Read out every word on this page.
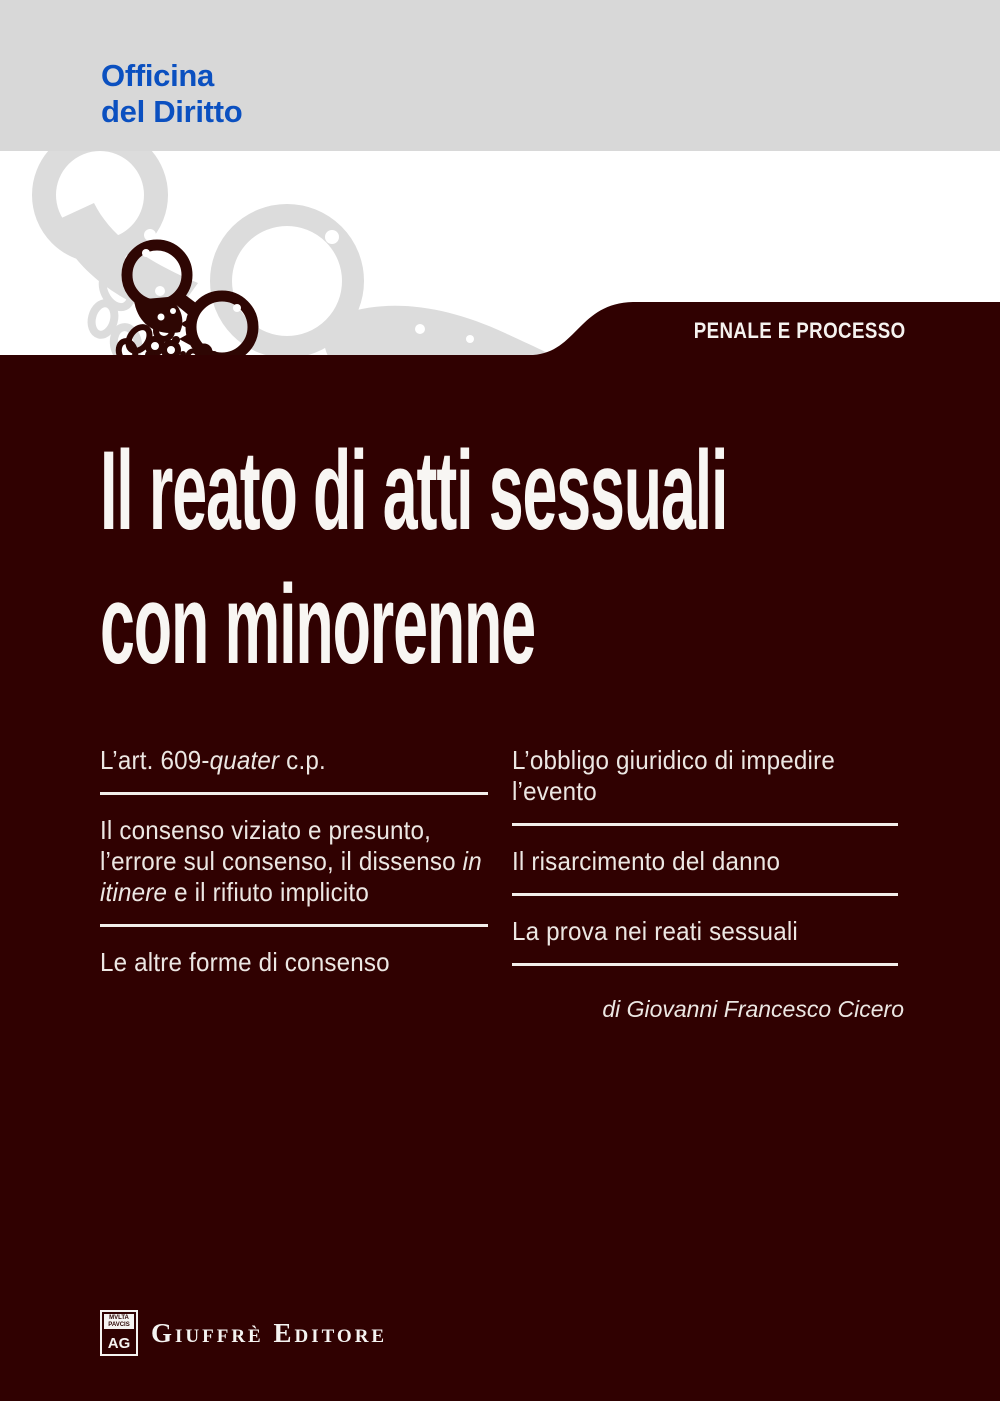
Officina
del Diritto
PENALE E PROCESSO
Il reato di atti sessuali
con minorenne
L’art. 609-quater c.p.
Il consenso viziato e presunto, l’errore sul consenso, il dissenso in itinere e il rifiuto implicito
Le altre forme di consenso
L’obbligo giuridico di impedire l’evento
Il risarcimento del danno
La prova nei reati sessuali
di Giovanni Francesco Cicero
MVLTA
PAVCIS
AG Giuffrè Editore
